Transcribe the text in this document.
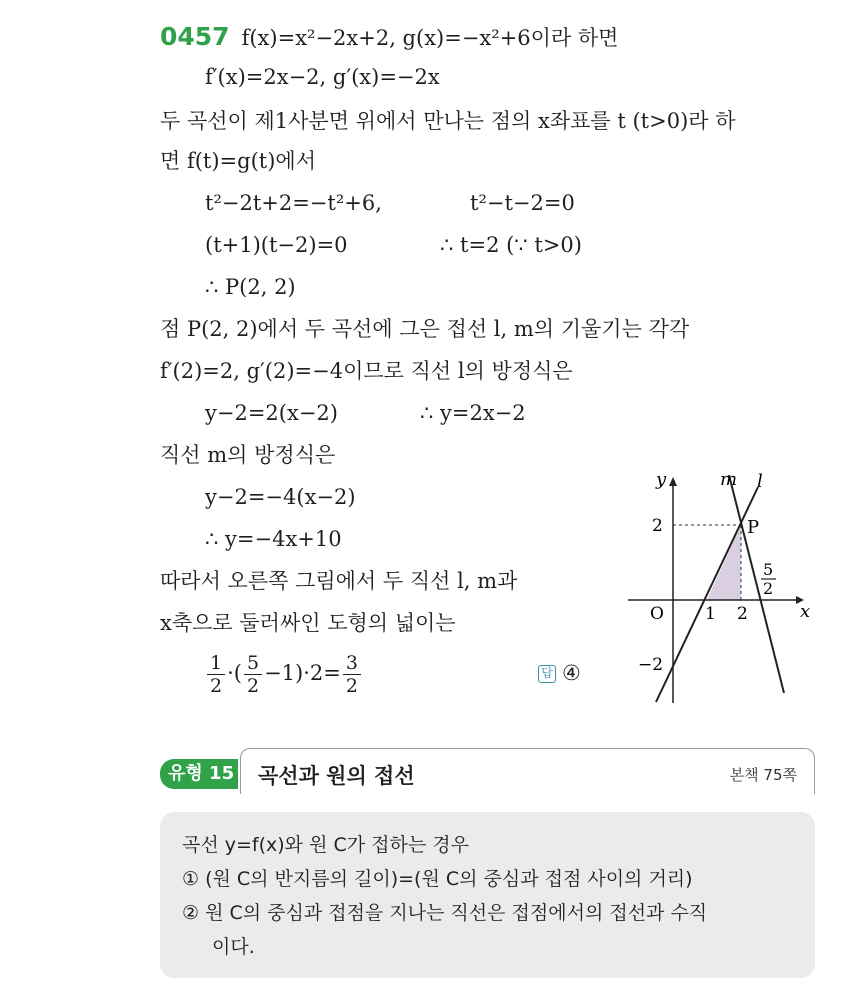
0457 f(x)=x²−2x+2, g(x)=−x²+6이라 하면
f′(x)=2x−2, g′(x)=−2x
두 곡선이 제1사분면 위에서 만나는 점의 x좌표를 t (t>0)라 하
면 f(t)=g(t)에서
t²−2t+2=−t²+6,	t²−t−2=0
(t+1)(t−2)=0	∴ t=2 (∵ t>0)
∴ P(2, 2)
점 P(2, 2)에서 두 곡선에 그은 접선 l, m의 기울기는 각각
f′(2)=2, g′(2)=−4이므로 직선 l의 방정식은
y−2=2(x−2)	∴ y=2x−2
직선 m의 방정식은
y−2=−4(x−2)
∴ y=−4x+10
따라서 오른쪽 그림에서 두 직선 l, m과
x축으로 둘러싸인 도형의 넓이는
$\frac{1}{2}$ ·( $\frac{5}{2} -1)\cdot 2= \frac{3}{2}$	답 ④
y	m l
P
2
−2
O 1 2	x
5
2
유형 15 곡선과 원의 접선	본책 75쪽
곡선 y=f(x)와 원 C가 접하는 경우
① (원 C의 반지름의 길이)=(원 C의 중심과 접점 사이의 거리)
② 원 C의 중심과 접점을 지나는 직선은 접점에서의 접선과 수직
이다.
